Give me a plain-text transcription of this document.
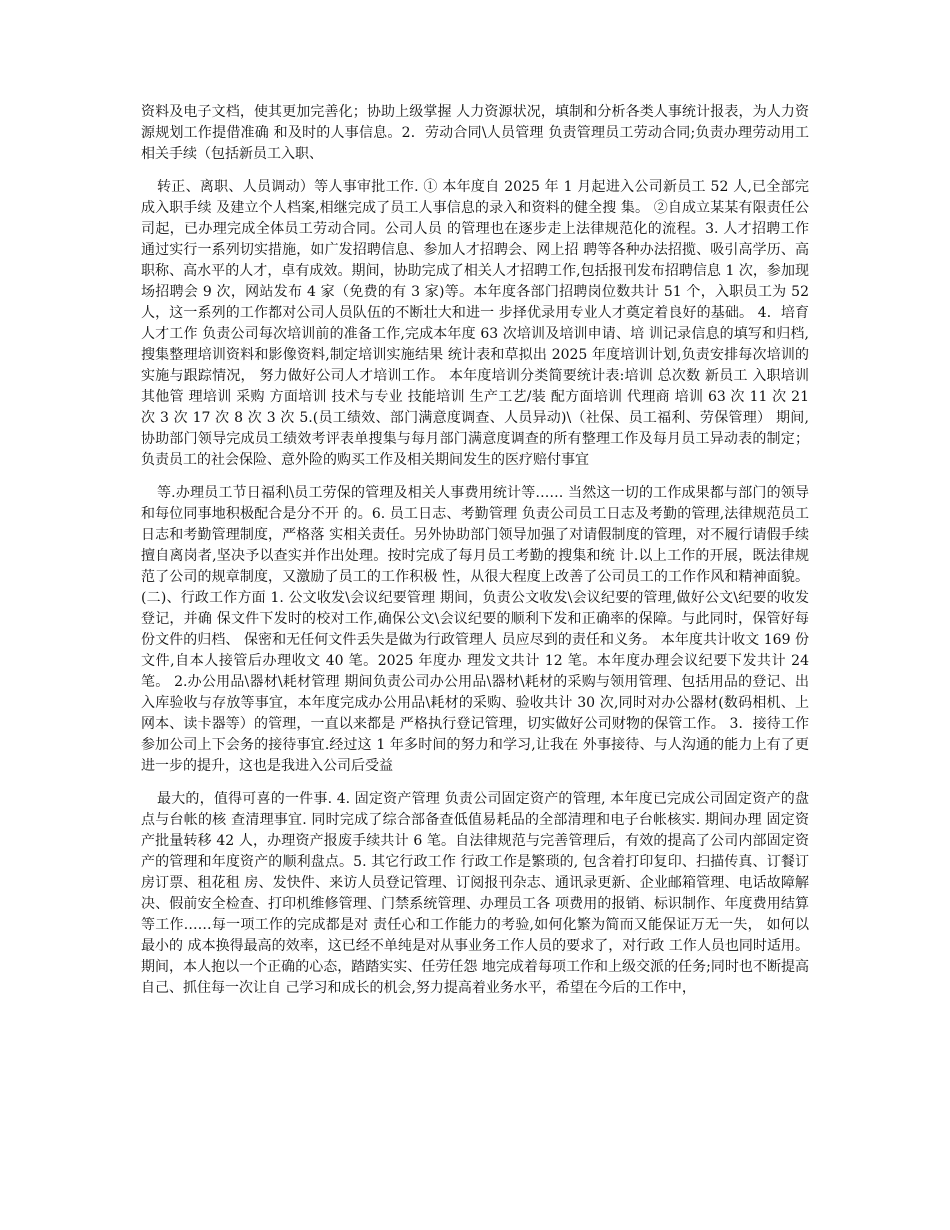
资料及电子文档，使其更加完善化；协助上级掌握 人力资源状况，填制和分析各类人事统计报表，为人力资源规划工作提借准确 和及时的人事信息。2．劳动合同\人员管理 负责管理员工劳动合同;负责办理劳动用工相关手续（包括新员工入职、

转正、离职、人员调动）等人事审批工作. ① 本年度自 2025 年 1 月起进入公司新员工 52 人,已全部完成入职手续 及建立个人档案,相继完成了员工人事信息的录入和资料的健全搜 集。 ②自成立某某有限责任公司起，已办理完成全体员工劳动合同。公司人员 的管理也在逐步走上法律规范化的流程。3. 人才招聘工作 通过实行一系列切实措施，如广发招聘信息、参加人才招聘会、网上招 聘等各种办法招揽、吸引高学历、高职称、高水平的人才，卓有成效。期间，协助完成了相关人才招聘工作,包括报刊发布招聘信息 1 次，参加现场招聘会 9 次，网站发布 4 家（免费的有 3 家)等。本年度各部门招聘岗位数共计 51 个，入职员工为 52 人，这一系列的工作都对公司人员队伍的不断壮大和进一 步择优录用专业人才奠定着良好的基础。 4．培育人才工作 负责公司每次培训前的准备工作,完成本年度 63 次培训及培训申请、培 训记录信息的填写和归档,搜集整理培训资料和影像资料,制定培训实施结果 统计表和草拟出 2025 年度培训计划,负责安排每次培训的实施与跟踪情况， 努力做好公司人才培训工作。 本年度培训分类简要统计表:培训 总次数 新员工 入职培训 其他管 理培训 采购 方面培训 技术与专业 技能培训 生产工艺/装 配方面培训 代理商 培训 63 次 11 次 21 次 3 次 17 次 8 次 3 次 5.(员工绩效、部门满意度调查、人员异动)\（社保、员工福利、劳保管理） 期间,协助部门领导完成员工绩效考评表单搜集与每月部门满意度调查的所有整理工作及每月员工异动表的制定；负责员工的社会保险、意外险的购买工作及相关期间发生的医疗赔付事宜

等.办理员工节日福利\员工劳保的管理及相关人事费用统计等…… 当然这一切的工作成果都与部门的领导和每位同事地积极配合是分不开 的。6. 员工日志、考勤管理 负责公司员工日志及考勤的管理,法律规范员工日志和考勤管理制度，严格落 实相关责任。另外协助部门领导加强了对请假制度的管理，对不履行请假手续 擅自离岗者,坚决予以查实并作出处理。按时完成了每月员工考勤的搜集和统 计.以上工作的开展，既法律规范了公司的规章制度，又激励了员工的工作积极 性，从很大程度上改善了公司员工的工作作风和精神面貌。(二)、行政工作方面 1. 公文收发\会议纪要管理 期间，负责公文收发\会议纪要的管理,做好公文\纪要的收发登记，并确 保文件下发时的校对工作,确保公文\会议纪要的顺利下发和正确率的保障。与此同时，保管好每份文件的归档、 保密和无任何文件丢失是做为行政管理人 员应尽到的责任和义务。 本年度共计收文 169 份文件,自本人接管后办理收文 40 笔。2025 年度办 理发文共计 12 笔。本年度办理会议纪要下发共计 24 笔。 2.办公用品\器材\耗材管理 期间负责公司办公用品\器材\耗材的采购与领用管理、包括用品的登记、出入库验收与存放等事宜，本年度完成办公用品\耗材的采购、验收共计 30 次,同时对办公器材(数码相机、上网本、读卡器等）的管理，一直以来都是 严格执行登记管理，切实做好公司财物的保管工作。 3．接待工作 参加公司上下会务的接待事宜.经过这 1 年多时间的努力和学习,让我在 外事接待、与人沟通的能力上有了更进一步的提升，这也是我进入公司后受益

最大的，值得可喜的一件事. 4. 固定资产管理 负责公司固定资产的管理, 本年度已完成公司固定资产的盘点与台帐的核 查清理事宜. 同时完成了综合部备查低值易耗品的全部清理和电子台帐核实. 期间办理 固定资产批量转移 42 人，办理资产报废手续共计 6 笔。自法律规范与完善管理后，有效的提高了公司内部固定资产的管理和年度资产的顺利盘点。5. 其它行政工作 行政工作是繁琐的, 包含着打印复印、扫描传真、订餐订房订票、租花租 房、发快件、来访人员登记管理、订阅报刊杂志、通讯录更新、企业邮箱管理、电话故障解决、假前安全检查、打印机维修管理、门禁系统管理、办理员工各 项费用的报销、标识制作、年度费用结算等工作……每一项工作的完成都是对 责任心和工作能力的考验,如何化繁为简而又能保证万无一失， 如何以最小的 成本换得最高的效率，这已经不单纯是对从事业务工作人员的要求了，对行政 工作人员也同时适用。期间，本人抱以一个正确的心态，踏踏实实、任劳任怨 地完成着每项工作和上级交派的任务;同时也不断提高自己、抓住每一次让自 己学习和成长的机会,努力提高着业务水平，希望在今后的工作中，
